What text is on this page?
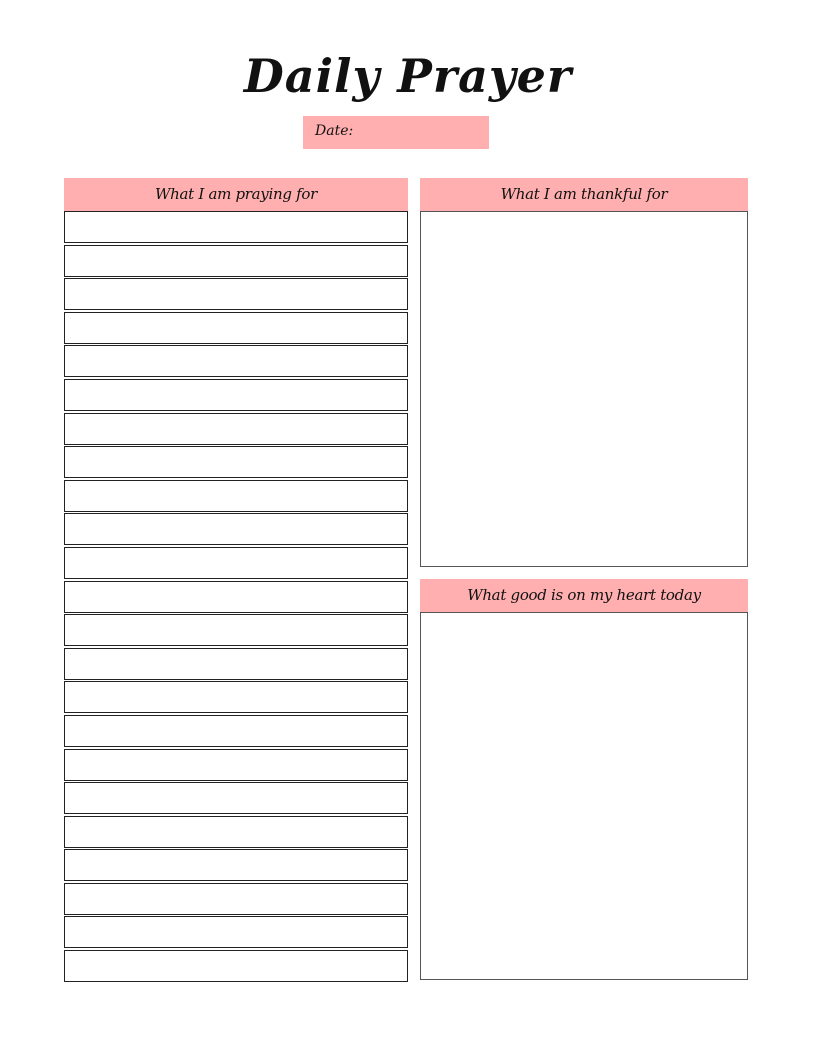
Daily Prayer
Date:
What I am praying for	What I am thankful for
What good is on my heart today
